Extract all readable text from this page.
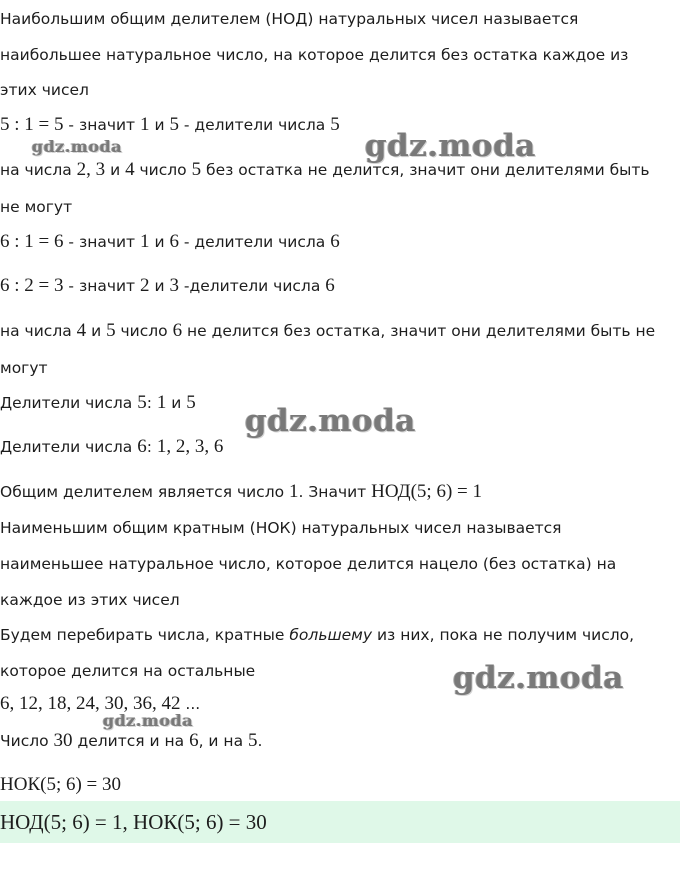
Наибольшим общим делителем (НОД) натуральных чисел называется
наибольшее натуральное число, на которое делится без остатка каждое из
этих чисел
5 : 1 = 5 - значит 1 и 5 - делители числа 5
на числа 2, 3 и 4 число 5 без остатка не делится, значит они делителями быть
не могут
6 : 1 = 6 - значит 1 и 6 - делители числа 6
6 : 2 = 3 - значит 2 и 3 -делители числа 6
на числа 4 и 5 число 6 не делится без остатка, значит они делителями быть не
могут
Делители числа 5: 1 и 5
Делители числа 6: 1, 2, 3, 6
Общим делителем является число 1. Значит НОД(5; 6) = 1
Наименьшим общим кратным (НОК) натуральных чисел называется
наименьшее натуральное число, которое делится нацело (без остатка) на
каждое из этих чисел
Будем перебирать числа, кратные большему из них, пока не получим число,
которое делится на остальные
6, 12, 18, 24, 30, 36, 42 ...
Число 30 делится и на 6, и на 5.
НОК(5; 6) = 30
НОД(5; 6) = 1, НОК(5; 6) = 30
gdz.moda
gdz.moda
gdz.moda
gdz.moda
gdz.moda
